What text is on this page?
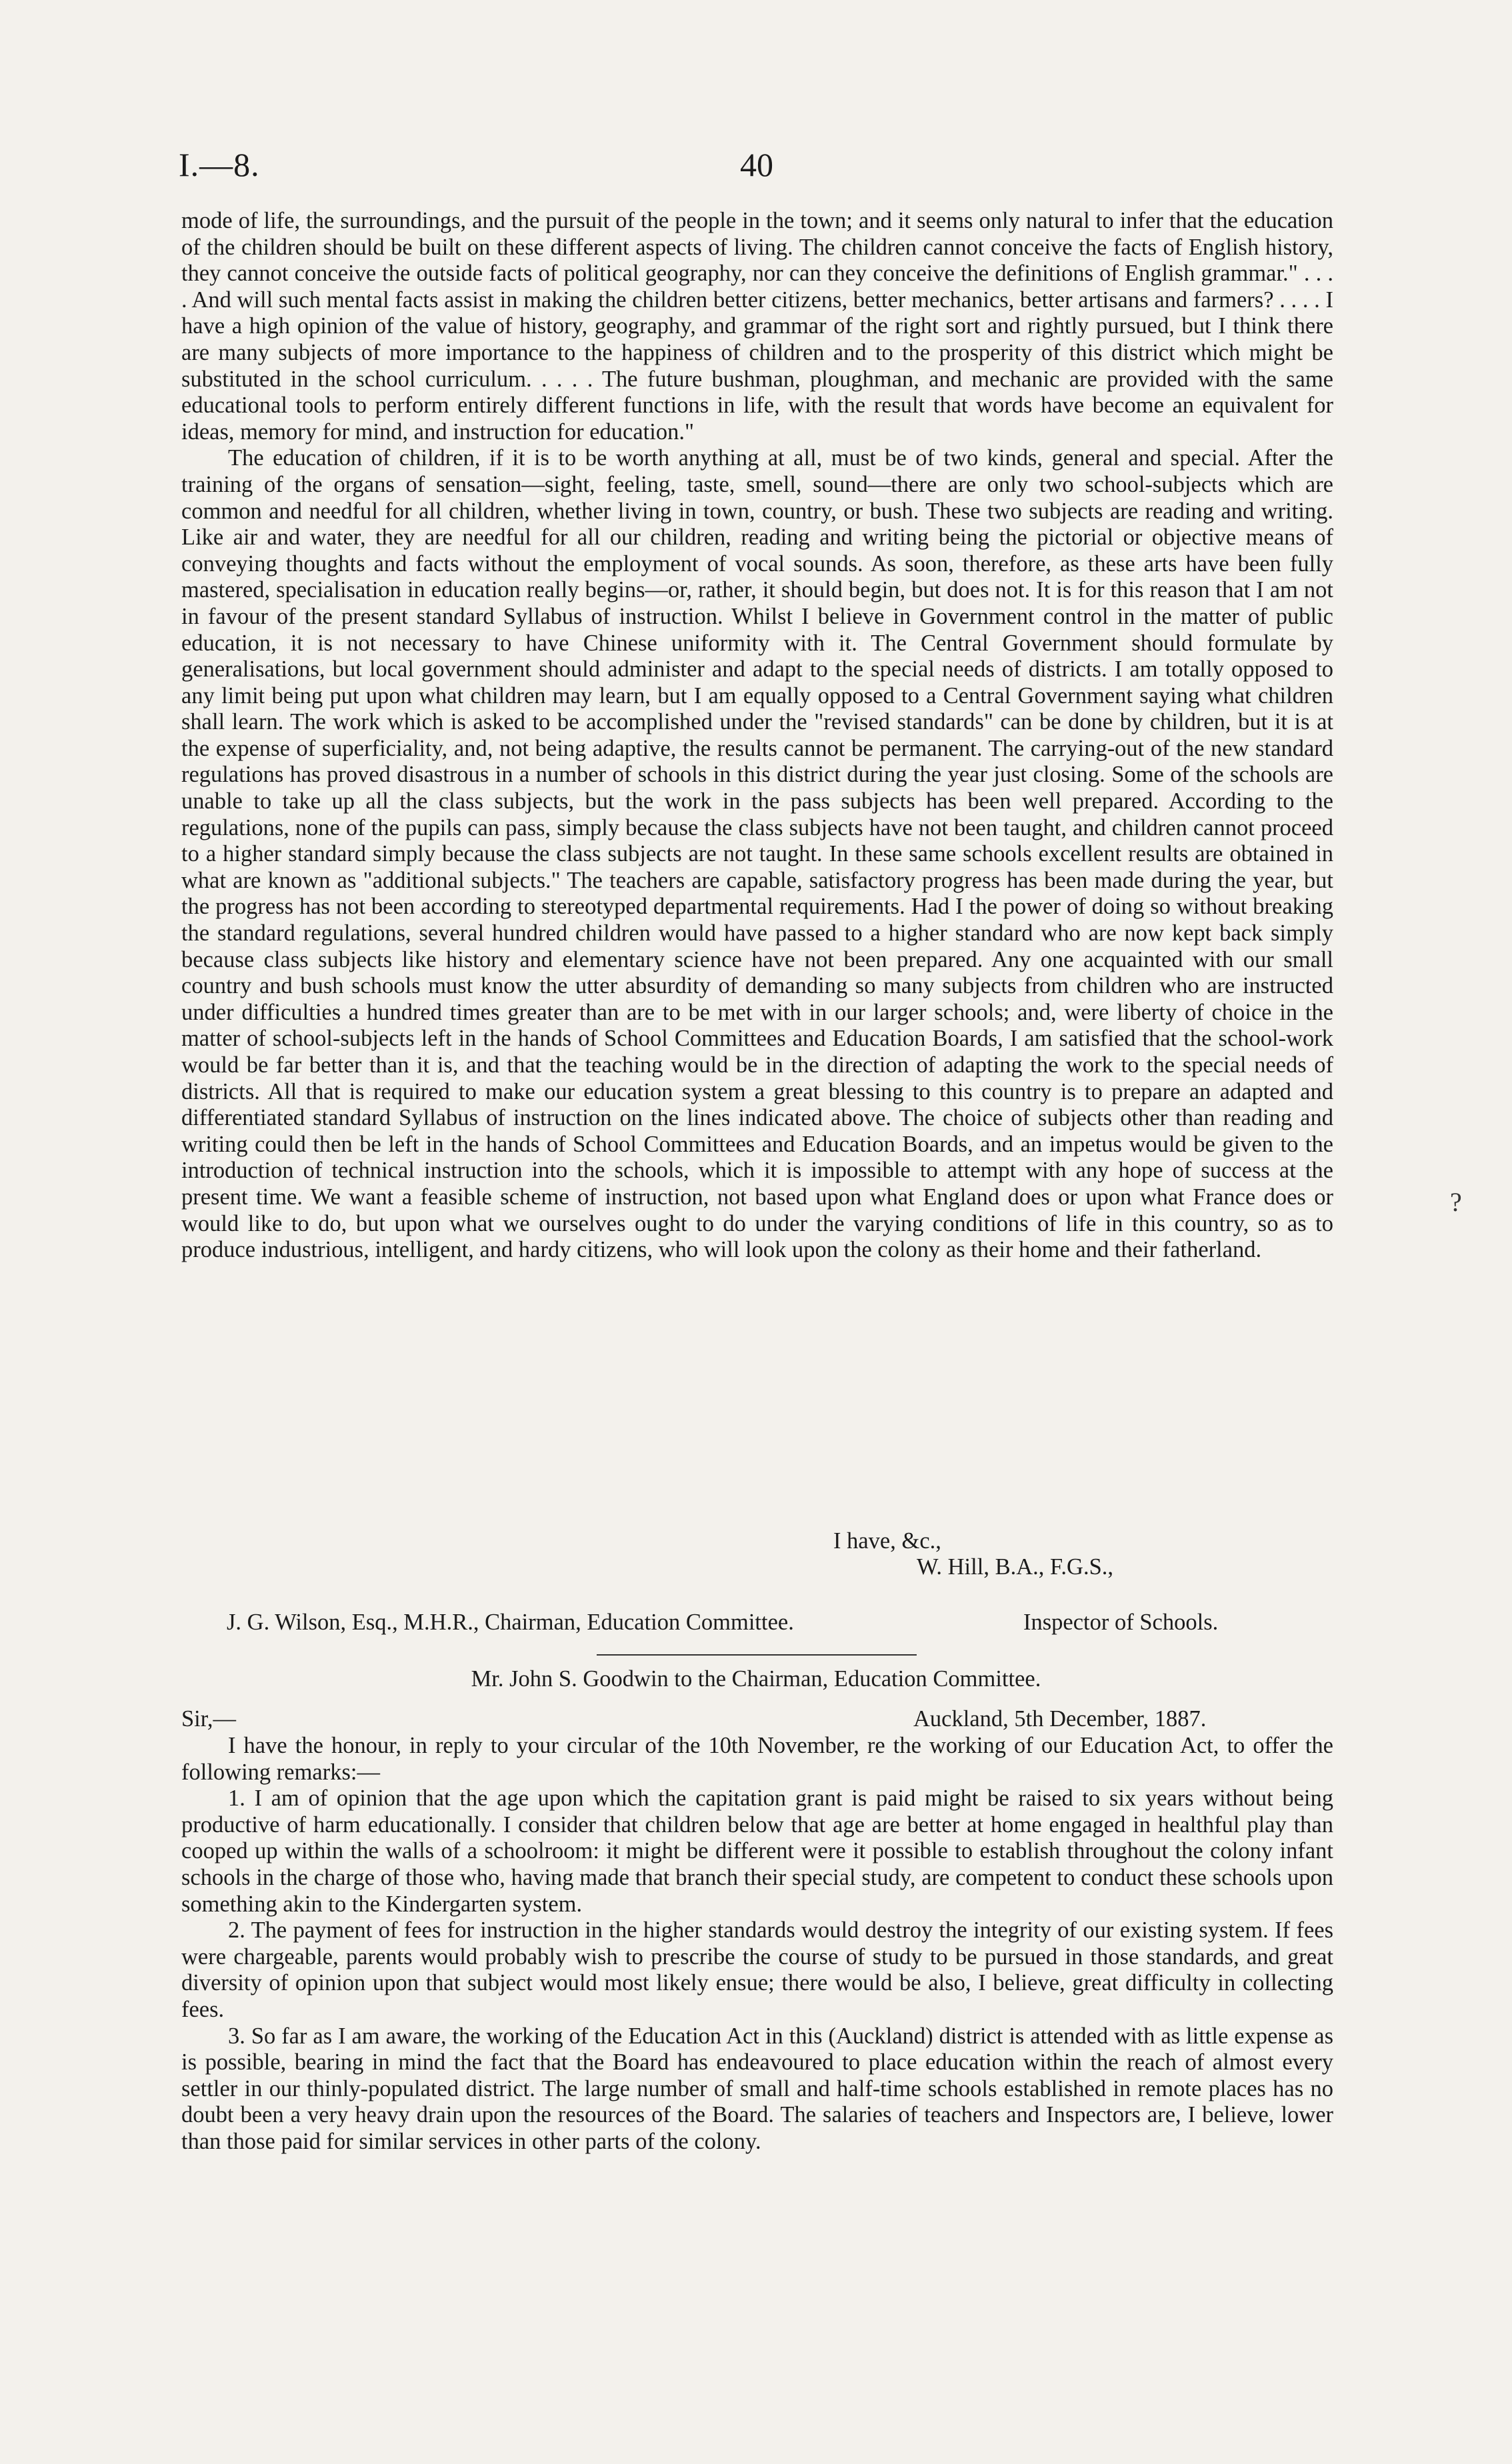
I.—8.	40

mode of life, the surroundings, and the pursuit of the people in the town; and it seems only natural to infer that the education of the children should be built on these different aspects of living. The children cannot conceive the facts of English history, they cannot conceive the outside facts of political geography, nor can they conceive the definitions of English grammar." . . . . And will such mental facts assist in making the children better citizens, better mechanics, better artisans and farmers? . . . . I have a high opinion of the value of history, geography, and grammar of the right sort and rightly pursued, but I think there are many subjects of more importance to the happiness of children and to the prosperity of this district which might be substituted in the school curriculum. . . . . The future bushman, ploughman, and mechanic are provided with the same educational tools to perform entirely different functions in life, with the result that words have become an equivalent for ideas, memory for mind, and instruction for education."

The education of children, if it is to be worth anything at all, must be of two kinds, general and special. After the training of the organs of sensation—sight, feeling, taste, smell, sound—there are only two school-subjects which are common and needful for all children, whether living in town, country, or bush. These two subjects are reading and writing. Like air and water, they are needful for all our children, reading and writing being the pictorial or objective means of conveying thoughts and facts without the employment of vocal sounds. As soon, therefore, as these arts have been fully mastered, specialisation in education really begins—or, rather, it should begin, but does not. It is for this reason that I am not in favour of the present standard Syllabus of instruction. Whilst I believe in Government control in the matter of public education, it is not necessary to have Chinese uniformity with it. The Central Government should formulate by generalisations, but local government should administer and adapt to the special needs of districts. I am totally opposed to any limit being put upon what children may learn, but I am equally opposed to a Central Government saying what children shall learn. The work which is asked to be accomplished under the "revised standards" can be done by children, but it is at the expense of superficiality, and, not being adaptive, the results cannot be permanent. The carrying-out of the new standard regulations has proved disastrous in a number of schools in this district during the year just closing. Some of the schools are unable to take up all the class subjects, but the work in the pass subjects has been well prepared. According to the regulations, none of the pupils can pass, simply because the class subjects have not been taught, and children cannot proceed to a higher standard simply because the class subjects are not taught. In these same schools excellent results are obtained in what are known as "additional subjects." The teachers are capable, satisfactory progress has been made during the year, but the progress has not been according to stereotyped departmental requirements. Had I the power of doing so without breaking the standard regulations, several hundred children would have passed to a higher standard who are now kept back simply because class subjects like history and elementary science have not been prepared. Any one acquainted with our small country and bush schools must know the utter absurdity of demanding so many subjects from children who are instructed under difficulties a hundred times greater than are to be met with in our larger schools; and, were liberty of choice in the matter of school-subjects left in the hands of School Committees and Education Boards, I am satisfied that the school-work would be far better than it is, and that the teaching would be in the direction of adapting the work to the special needs of districts. All that is required to make our education system a great blessing to this country is to prepare an adapted and differentiated standard Syllabus of instruction on the lines indicated above. The choice of subjects other than reading and writing could then be left in the hands of School Committees and Education Boards, and an impetus would be given to the introduction of technical instruction into the schools, which it is impossible to attempt with any hope of success at the present time. We want a feasible scheme of instruction, not based upon what England does or upon what France does or would like to do, but upon what we ourselves ought to do under the varying conditions of life in this country, so as to produce industrious, intelligent, and hardy citizens, who will look upon the colony as their home and their fatherland.

I have, &c.,
W. Hill, B.A., F.G.S.,
J. G. Wilson, Esq., M.H.R., Chairman, Education Committee.	Inspector of Schools.
Mr. John S. Goodwin to the Chairman, Education Committee.
Sir,—	Auckland, 5th December, 1887.

I have the honour, in reply to your circular of the 10th November, re the working of our Education Act, to offer the following remarks:—

1. I am of opinion that the age upon which the capitation grant is paid might be raised to six years without being productive of harm educationally. I consider that children below that age are better at home engaged in healthful play than cooped up within the walls of a schoolroom: it might be different were it possible to establish throughout the colony infant schools in the charge of those who, having made that branch their special study, are competent to conduct these schools upon something akin to the Kindergarten system.

2. The payment of fees for instruction in the higher standards would destroy the integrity of our existing system. If fees were chargeable, parents would probably wish to prescribe the course of study to be pursued in those standards, and great diversity of opinion upon that subject would most likely ensue; there would be also, I believe, great difficulty in collecting fees.

3. So far as I am aware, the working of the Education Act in this (Auckland) district is attended with as little expense as is possible, bearing in mind the fact that the Board has endeavoured to place education within the reach of almost every settler in our thinly-populated district. The large number of small and half-time schools established in remote places has no doubt been a very heavy drain upon the resources of the Board. The salaries of teachers and Inspectors are, I believe, lower than those paid for similar services in other parts of the colony.

?
